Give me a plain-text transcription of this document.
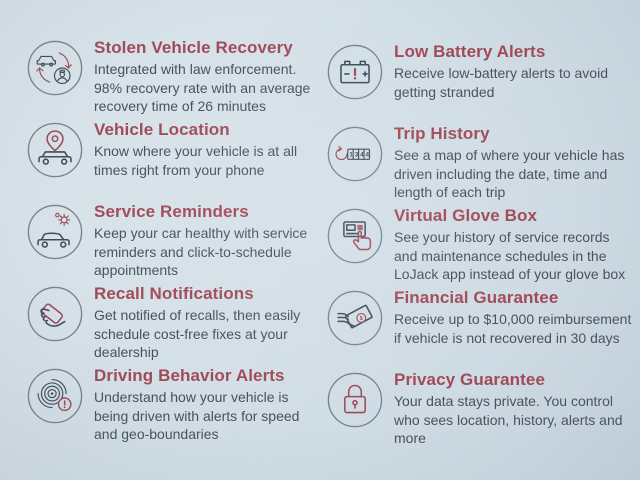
Stolen Vehicle Recovery

Integrated with law enforcement. 98% recovery rate with an average recovery time of 26 minutes

Vehicle Location

Know where your vehicle is at all times right from your phone

Service Reminders

Keep your car healthy with service reminders and click-to-schedule appointments

Recall Notifications

Get notified of recalls, then easily schedule cost-free fixes at your dealership

Driving Behavior Alerts

Understand how your vehicle is being driven with alerts for speed and geo-boundaries

Low Battery Alerts

Receive low-battery alerts to avoid getting stranded

1 3 4 4
Trip History

See a map of where your vehicle has driven including the date, time and length of each trip

Virtual Glove Box

See your history of service records and maintenance schedules in the LoJack app instead of your glove box

$
Financial Guarantee

Receive up to $10,000 reimbursement if vehicle is not recovered in 30 days

Privacy Guarantee

Your data stays private. You control who sees location, history, alerts and more
